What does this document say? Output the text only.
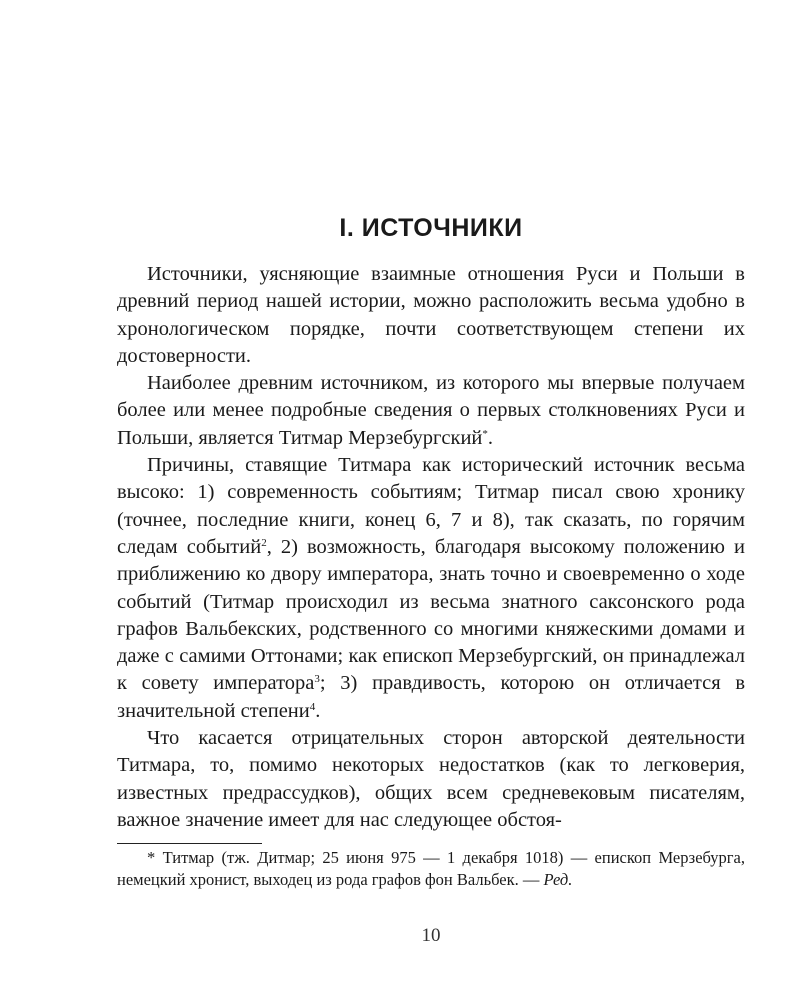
I. ИСТОЧНИКИ

Источники, уясняющие взаимные отношения Руси и Польши в древний период нашей истории, можно расположить весьма удобно в хронологическом порядке, почти соответствующем степени их достоверности.

Наиболее древним источником, из которого мы впервые получаем более или менее подробные сведения о первых столкновениях Руси и Польши, является Титмар Мерзебургский*.

Причины, ставящие Титмара как исторический источник весьма высоко: 1) современность событиям; Титмар писал свою хронику (точнее, последние книги, конец 6, 7 и 8), так сказать, по горячим следам событий$^2$, 2) возможность, благодаря высокому положению и приближению ко двору императора, знать точно и своевременно о ходе событий (Титмар происходил из весьма знатного саксонского рода графов Вальбекских, родственного со многими княжескими домами и даже с самими Оттонами; как епископ Мерзебургский, он принадлежал к совету императора$^3$; 3) правдивость, которою он отличается в значительной степени$^4$.

Что касается отрицательных сторон авторской деятельности Титмара, то, помимо некоторых недостатков (как то легковерия, известных предрассудков), общих всем средневековым писателям, важное значение имеет для нас следующее обстоя-

* Титмар (тж. Дитмар; 25 июня 975 — 1 декабря 1018) — епископ Мерзебурга, немецкий хронист, выходец из рода графов фон Вальбек. — Ред.

10
